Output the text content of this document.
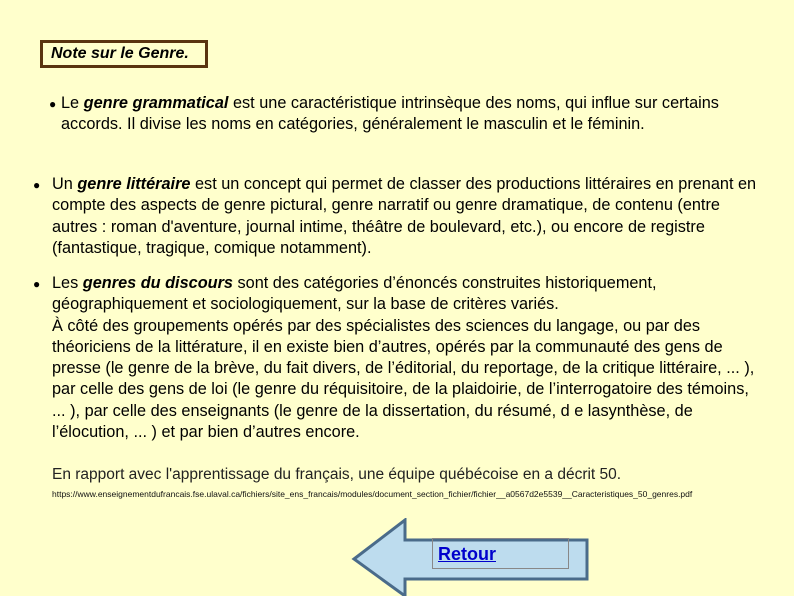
Note sur le Genre.
● Le genre grammatical est une caractéristique intrinsèque des noms, qui influe sur certains accords. Il divise les noms en catégories, généralement le masculin et le féminin.
● Un genre littéraire est un concept qui permet de classer des productions littéraires en prenant en compte des aspects de genre pictural, genre narratif ou genre dramatique, de contenu (entre autres : roman d'aventure, journal intime, théâtre de boulevard, etc.), ou encore de registre (fantastique, tragique, comique notamment).
● Les genres du discours sont des catégories d’énoncés construites historiquement, géographiquement et sociologiquement, sur la base de critères variés.
À côté des groupements opérés par des spécialistes des sciences du langage, ou par des théoriciens de la littérature, il en existe bien d’autres, opérés par la communauté des gens de presse (le genre de la brève, du fait divers, de l’éditorial, du reportage, de la critique littéraire, ... ), par celle des gens de loi (le genre du réquisitoire, de la plaidoirie, de l’interrogatoire des témoins, ... ), par celle des enseignants (le genre de la dissertation, du résumé, d e lasynthèse, de l’élocution, ... ) et par bien d’autres encore.
En rapport avec l'apprentissage du français, une équipe québécoise en a décrit 50.
https://www.enseignementdufrancais.fse.ulaval.ca/fichiers/site_ens_francais/modules/document_section_fichier/fichier__a0567d2e5539__Caracteristiques_50_genres.pdf
Retour
